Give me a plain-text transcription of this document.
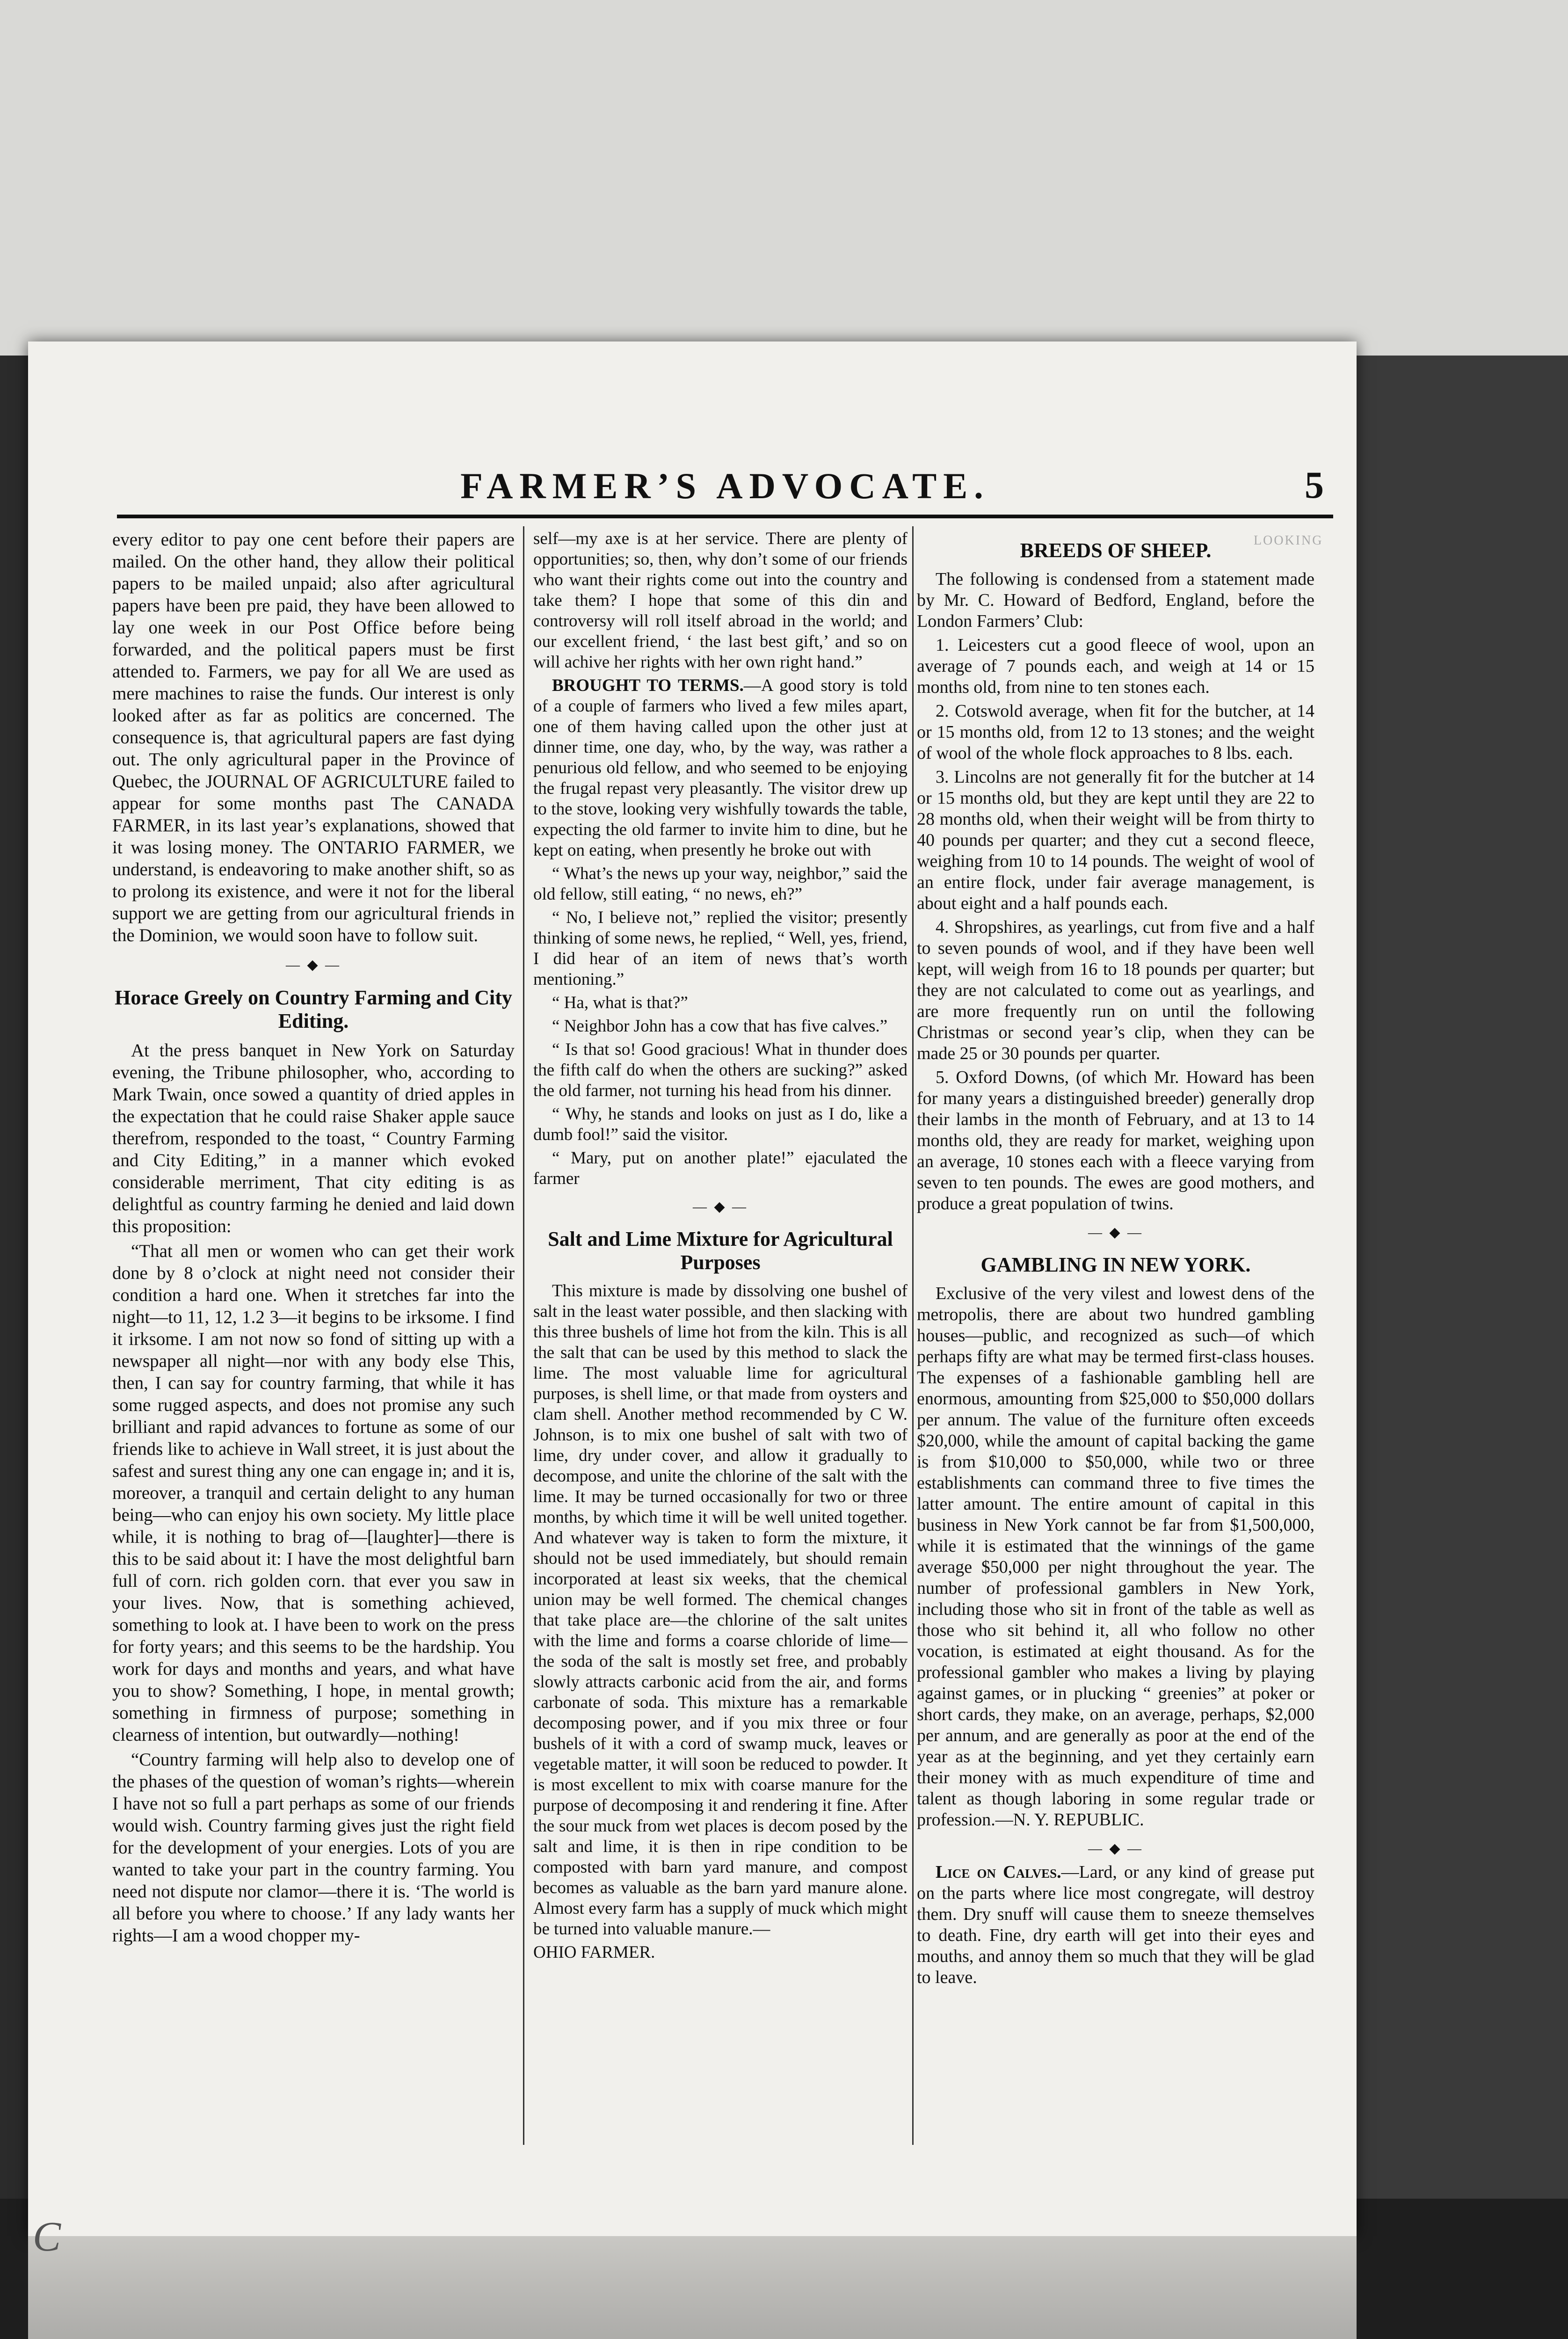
LOOKING
FARMER’S ADVOCATE.	5

every editor to pay one cent before their papers are mailed. On the other hand, they allow their political papers to be mailed unpaid; also after agricultural papers have been pre paid, they have been allowed to lay one week in our Post Office before being forwarded, and the political papers must be first attended to. Farmers, we pay for all We are used as mere machines to raise the funds. Our interest is only looked after as far as politics are concerned. The consequence is, that agricultural papers are fast dying out. The only agricultural paper in the Province of Quebec, the JOURNAL OF AGRICULTURE failed to appear for some months past The CANADA FARMER, in its last year’s explanations, showed that it was losing money. The ONTARIO FARMER, we understand, is endeavoring to make another shift, so as to prolong its existence, and were it not for the liberal support we are getting from our agricultural friends in the Dominion, we would soon have to follow suit.

— ◆ —
Horace Greely on Country Farming and City Editing.

At the press banquet in New York on Saturday evening, the Tribune philosopher, who, according to Mark Twain, once sowed a quantity of dried apples in the expectation that he could raise Shaker apple sauce therefrom, responded to the toast, “ Country Farming and City Editing,” in a manner which evoked considerable merriment, That city editing is as delightful as country farming he denied and laid down this proposition:

“That all men or women who can get their work done by 8 o’clock at night need not consider their condition a hard one. When it stretches far into the night—to 11, 12, 1.2 3—it begins to be irksome. I find it irksome. I am not now so fond of sitting up with a newspaper all night—nor with any body else This, then, I can say for country farming, that while it has some rugged aspects, and does not promise any such brilliant and rapid advances to fortune as some of our friends like to achieve in Wall street, it is just about the safest and surest thing any one can engage in; and it is, moreover, a tranquil and certain delight to any human being—who can enjoy his own society. My little place while, it is nothing to brag of—[laughter]—there is this to be said about it: I have the most delightful barn full of corn. rich golden corn. that ever you saw in your lives. Now, that is something achieved, something to look at. I have been to work on the press for forty years; and this seems to be the hardship. You work for days and months and years, and what have you to show? Something, I hope, in mental growth; something in firmness of purpose; something in clearness of intention, but outwardly—nothing!

“Country farming will help also to develop one of the phases of the question of woman’s rights—wherein I have not so full a part perhaps as some of our friends would wish. Country farming gives just the right field for the development of your energies. Lots of you are wanted to take your part in the country farming. You need not dispute nor clamor—there it is. ‘The world is all before you where to choose.’ If any lady wants her rights—I am a wood chopper my-

self—my axe is at her service. There are plenty of opportunities; so, then, why don’t some of our friends who want their rights come out into the country and take them? I hope that some of this din and controversy will roll itself abroad in the world; and our excellent friend, ‘ the last best gift,’ and so on will achive her rights with her own right hand.”

BROUGHT TO TERMS.—A good story is told of a couple of farmers who lived a few miles apart, one of them having called upon the other just at dinner time, one day, who, by the way, was rather a penurious old fellow, and who seemed to be enjoying the frugal repast very pleasantly. The visitor drew up to the stove, looking very wishfully towards the table, expecting the old farmer to invite him to dine, but he kept on eating, when presently he broke out with

“ What’s the news up your way, neighbor,” said the old fellow, still eating, “ no news, eh?”

“ No, I believe not,” replied the visitor; presently thinking of some news, he replied, “ Well, yes, friend, I did hear of an item of news that’s worth mentioning.”

“ Ha, what is that?”

“ Neighbor John has a cow that has five calves.”

“ Is that so! Good gracious! What in thunder does the fifth calf do when the others are sucking?” asked the old farmer, not turning his head from his dinner.

“ Why, he stands and looks on just as I do, like a dumb fool!” said the visitor.

“ Mary, put on another plate!” ejaculated the farmer

— ◆ —
Salt and Lime Mixture for Agricultural Purposes

This mixture is made by dissolving one bushel of salt in the least water possible, and then slacking with this three bushels of lime hot from the kiln. This is all the salt that can be used by this method to slack the lime. The most valuable lime for agricultural purposes, is shell lime, or that made from oysters and clam shell. Another method recommended by C W. Johnson, is to mix one bushel of salt with two of lime, dry under cover, and allow it gradually to decompose, and unite the chlorine of the salt with the lime. It may be turned occasionally for two or three months, by which time it will be well united together. And whatever way is taken to form the mixture, it should not be used immediately, but should remain incorporated at least six weeks, that the chemical union may be well formed. The chemical changes that take place are—the chlorine of the salt unites with the lime and forms a coarse chloride of lime—the soda of the salt is mostly set free, and probably slowly attracts carbonic acid from the air, and forms carbonate of soda. This mixture has a remarkable decomposing power, and if you mix three or four bushels of it with a cord of swamp muck, leaves or vegetable matter, it will soon be reduced to powder. It is most excellent to mix with coarse manure for the purpose of decomposing it and rendering it fine. After the sour muck from wet places is decom posed by the salt and lime, it is then in ripe condition to be composted with barn yard manure, and compost becomes as valuable as the barn yard manure alone. Almost every farm has a supply of muck which might be turned into valuable manure.—

OHIO FARMER.

BREEDS OF SHEEP.

The following is condensed from a statement made by Mr. C. Howard of Bedford, England, before the London Farmers’ Club:

1. Leicesters cut a good fleece of wool, upon an average of 7 pounds each, and weigh at 14 or 15 months old, from nine to ten stones each.

2. Cotswold average, when fit for the butcher, at 14 or 15 months old, from 12 to 13 stones; and the weight of wool of the whole flock approaches to 8 lbs. each.

3. Lincolns are not generally fit for the butcher at 14 or 15 months old, but they are kept until they are 22 to 28 months old, when their weight will be from thirty to 40 pounds per quarter; and they cut a second fleece, weighing from 10 to 14 pounds. The weight of wool of an entire flock, under fair average management, is about eight and a half pounds each.

4. Shropshires, as yearlings, cut from five and a half to seven pounds of wool, and if they have been well kept, will weigh from 16 to 18 pounds per quarter; but they are not calculated to come out as yearlings, and are more frequently run on until the following Christmas or second year’s clip, when they can be made 25 or 30 pounds per quarter.

5. Oxford Downs, (of which Mr. Howard has been for many years a distinguished breeder) generally drop their lambs in the month of February, and at 13 to 14 months old, they are ready for market, weighing upon an average, 10 stones each with a fleece varying from seven to ten pounds. The ewes are good mothers, and produce a great population of twins.

— ◆ —
GAMBLING IN NEW YORK.

Exclusive of the very vilest and lowest dens of the metropolis, there are about two hundred gambling houses—public, and recognized as such—of which perhaps fifty are what may be termed first-class houses. The expenses of a fashionable gambling hell are enormous, amounting from $25,000 to $50,000 dollars per annum. The value of the furniture often exceeds $20,000, while the amount of capital backing the game is from $10,000 to $50,000, while two or three establishments can command three to five times the latter amount. The entire amount of capital in this business in New York cannot be far from $1,500,000, while it is estimated that the winnings of the game average $50,000 per night throughout the year. The number of professional gamblers in New York, including those who sit in front of the table as well as those who sit behind it, all who follow no other vocation, is estimated at eight thousand. As for the professional gambler who makes a living by playing against games, or in plucking “ greenies” at poker or short cards, they make, on an average, perhaps, $2,000 per annum, and are generally as poor at the end of the year as at the beginning, and yet they certainly earn their money with as much expenditure of time and talent as though laboring in some regular trade or profession.—N. Y. REPUBLIC.

— ◆ —

Lice on Calves.—Lard, or any kind of grease put on the parts where lice most congregate, will destroy them. Dry snuff will cause them to sneeze themselves to death. Fine, dry earth will get into their eyes and mouths, and annoy them so much that they will be glad to leave.

C
